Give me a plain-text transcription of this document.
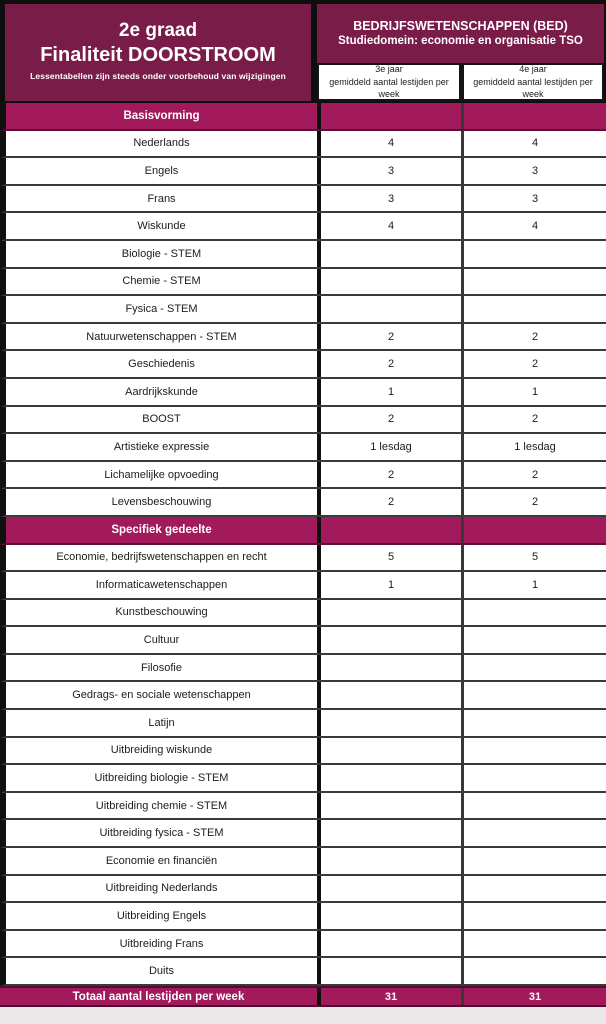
2e graad
Finaliteit DOORSTROOM
Lessentabellen zijn steeds onder voorbehoud van wijzigingen
BEDRIJFSWETENSCHAPPEN (BED)
Studiedomein: economie en organisatie TSO
3e jaar
gemiddeld aantal lestijden per week
4e jaar
gemiddeld aantal lestijden per week
Basisvorming
Nederlands	4	4
Engels	3	3
Frans	3	3
Wiskunde	4	4
Biologie - STEM
Chemie - STEM
Fysica - STEM
Natuurwetenschappen - STEM	2	2
Geschiedenis	2	2
Aardrijkskunde	1	1
BOOST	2	2
Artistieke expressie	1 lesdag	1 lesdag
Lichamelijke opvoeding	2	2
Levensbeschouwing	2	2
Specifiek gedeelte
Economie, bedrijfswetenschappen en recht	5	5
Informaticawetenschappen	1	1
Kunstbeschouwing
Cultuur
Filosofie
Gedrags- en sociale wetenschappen
Latijn
Uitbreiding wiskunde
Uitbreiding biologie - STEM
Uitbreiding chemie - STEM
Uitbreiding fysica - STEM
Economie en financiën
Uitbreiding Nederlands
Uitbreiding Engels
Uitbreiding Frans
Duits
Totaal aantal lestijden per week	31	31
